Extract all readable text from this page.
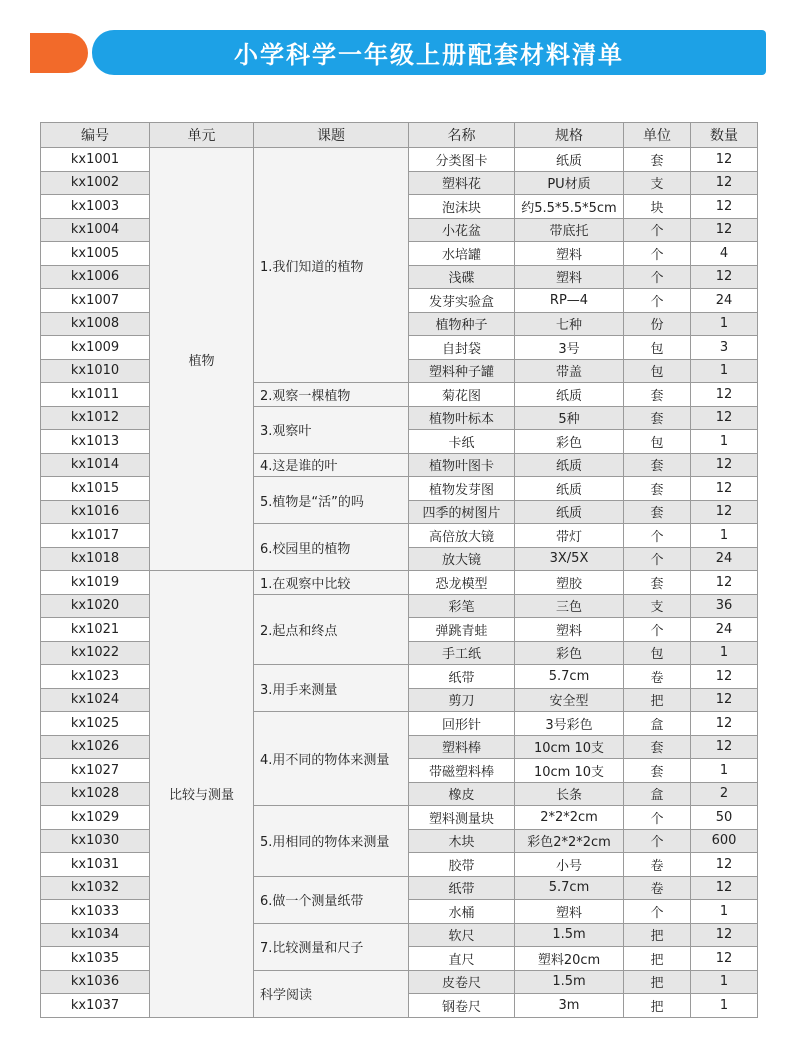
小学科学一年级上册配套材料清单
编号	单元	课题	名称	规格	单位	数量
kx1001	植物	1.我们知道的植物	分类图卡	纸质	套	12
kx1002			塑料花	PU材质	支	12
kx1003			泡沫块	约5.5*5.5*5cm	块	12
kx1004			小花盆	带底托	个	12
kx1005			水培罐	塑料	个	4
kx1006			浅碟	塑料	个	12
kx1007			发芽实验盒	RP—4	个	24
kx1008			植物种子	七种	份	1
kx1009			自封袋	3号	包	3
kx1010			塑料种子罐	带盖	包	1
kx1011		2.观察一棵植物	菊花图	纸质	套	12
kx1012		3.观察叶	植物叶标本	5种	套	12
kx1013			卡纸	彩色	包	1
kx1014		4.这是谁的叶	植物叶图卡	纸质	套	12
kx1015		5.植物是“活”的吗	植物发芽图	纸质	套	12
kx1016			四季的树图片	纸质	套	12
kx1017		6.校园里的植物	高倍放大镜	带灯	个	1
kx1018			放大镜	3X/5X	个	24
kx1019	比较与测量	1.在观察中比较	恐龙模型	塑胶	套	12
kx1020		2.起点和终点	彩笔	三色	支	36
kx1021			弹跳青蛙	塑料	个	24
kx1022			手工纸	彩色	包	1
kx1023		3.用手来测量	纸带	5.7cm	卷	12
kx1024			剪刀	安全型	把	12
kx1025		4.用不同的物体来测量	回形针	3号彩色	盒	12
kx1026			塑料棒	10cm 10支	套	12
kx1027			带磁塑料棒	10cm 10支	套	1
kx1028			橡皮	长条	盒	2
kx1029		5.用相同的物体来测量	塑料测量块	2*2*2cm	个	50
kx1030			木块	彩色2*2*2cm	个	600
kx1031			胶带	小号	卷	12
kx1032		6.做一个测量纸带	纸带	5.7cm	卷	12
kx1033			水桶	塑料	个	1
kx1034		7.比较测量和尺子	软尺	1.5m	把	12
kx1035			直尺	塑料20cm	把	12
kx1036		科学阅读	皮卷尺	1.5m	把	1
kx1037			钢卷尺	3m	把	1
